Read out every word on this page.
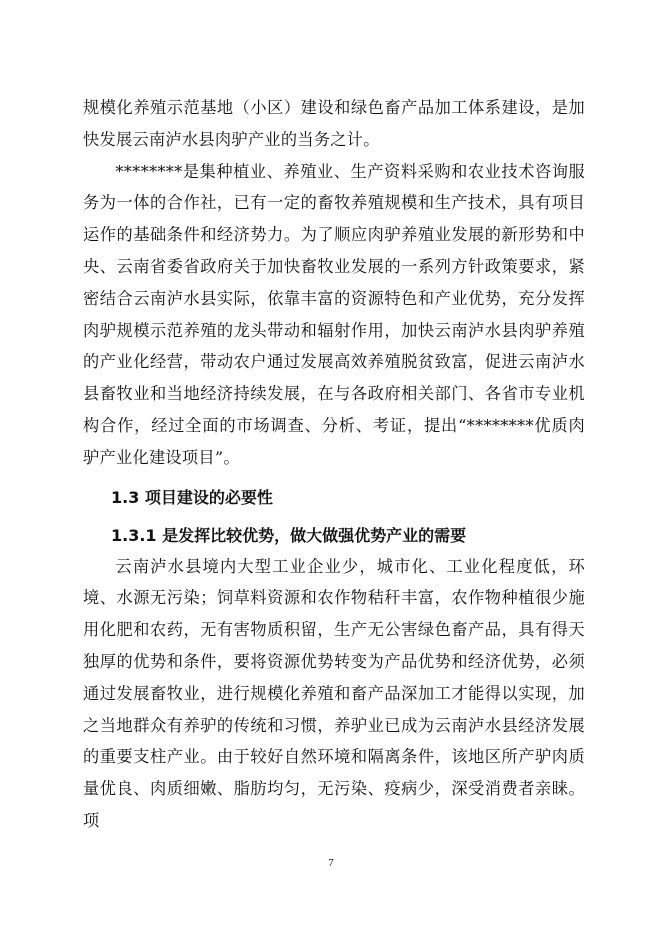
规模化养殖示范基地（小区）建设和绿色畜产品加工体系建设，是加快发展云南泸水县肉驴产业的当务之计。

********是集种植业、养殖业、生产资料采购和农业技术咨询服务为一体的合作社，已有一定的畜牧养殖规模和生产技术，具有项目运作的基础条件和经济势力。为了顺应肉驴养殖业发展的新形势和中央、云南省委省政府关于加快畜牧业发展的一系列方针政策要求，紧密结合云南泸水县实际，依靠丰富的资源特色和产业优势，充分发挥肉驴规模示范养殖的龙头带动和辐射作用，加快云南泸水县肉驴养殖的产业化经营，带动农户通过发展高效养殖脱贫致富，促进云南泸水县畜牧业和当地经济持续发展，在与各政府相关部门、各省市专业机构合作，经过全面的市场调查、分析、考证，提出“********优质肉驴产业化建设项目”。

1.3 项目建设的必要性
1.3.1 是发挥比较优势，做大做强优势产业的需要

云南泸水县境内大型工业企业少，城市化、工业化程度低，环境、水源无污染；饲草料资源和农作物秸秆丰富，农作物种植很少施用化肥和农药，无有害物质积留，生产无公害绿色畜产品，具有得天独厚的优势和条件，要将资源优势转变为产品优势和经济优势，必须通过发展畜牧业，进行规模化养殖和畜产品深加工才能得以实现，加之当地群众有养驴的传统和习惯，养驴业已成为云南泸水县经济发展的重要支柱产业。由于较好自然环境和隔离条件，该地区所产驴肉质量优良、肉质细嫩、脂肪均匀，无污染、疫病少，深受消费者亲睐。项

7
